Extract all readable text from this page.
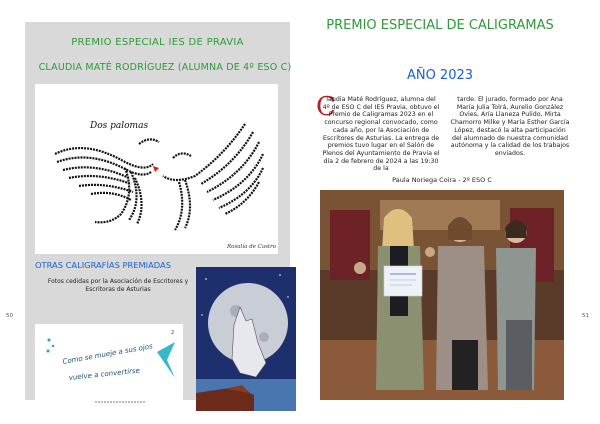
PREMIO ESPECIAL IES DE PRAVIA
CLAUDIA MATÉ RODRÍGUEZ (ALUMNA DE 4º ESO C)
Dos palomas
Rosalía de Castro
OTRAS CALIGRAFÍAS PREMIADAS
Fotos cedidas por la Asociación de Escritores y Escritoras de Asturias
Como se mueje a sus ojos
vuelve a convertirse
2
50	51
PREMIO ESPECIAL DE CALIGRAMAS
AÑO 2023
C
laudia Maté Rodríguez, alumna del 4º de ESO C del IES Pravia, obtuvo el Premio de Caligramas 2023 en el concurso regional convocado, como cada año, por la Asociación de Escritores de Asturias. La entrega de premios tuvo lugar en el Salón de Plenos del Ayuntamiento de Pravia el día 2 de febrero de 2024 a las 19:30 de la
tarde. El jurado, formado por Ana María Julia Tolrá, Aurelio González Ovies, Aría Llaneza Pulido, Mirta Chamorro Milke y María Esther García López, destacó la alta participación del alumnado de nuestra comunidad autónoma y la calidad de los trabajos enviados.
Paula Noriega Coira - 2º ESO C
